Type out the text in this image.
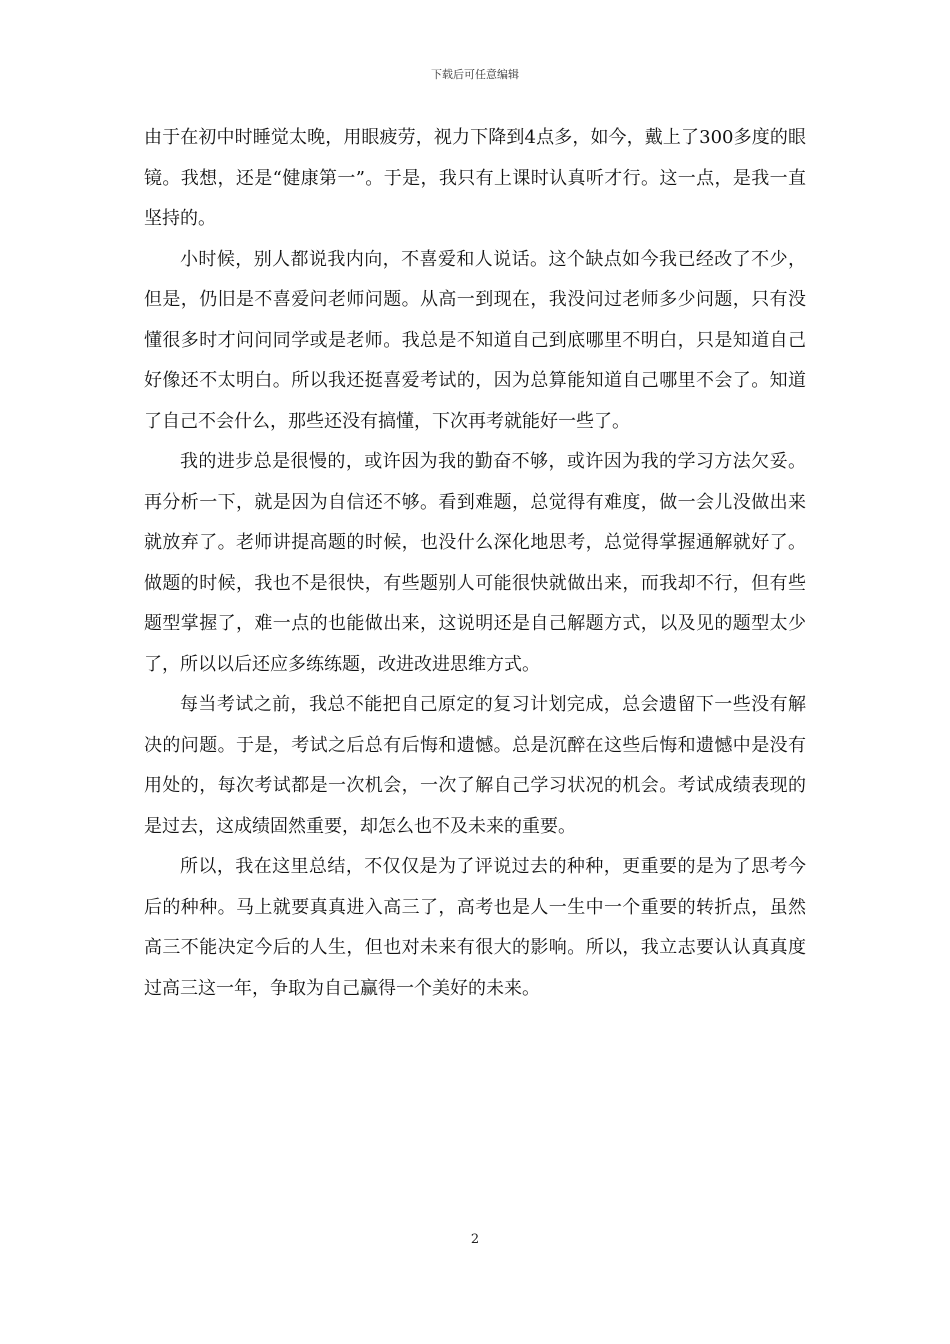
下载后可任意编辑

由于在初中时睡觉太晚，用眼疲劳，视力下降到4点多，如今，戴上了300多度的眼镜。我想，还是“健康第一”。于是，我只有上课时认真听才行。这一点，是我一直坚持的。

小时候，别人都说我内向，不喜爱和人说话。这个缺点如今我已经改了不少，但是，仍旧是不喜爱问老师问题。从高一到现在，我没问过老师多少问题，只有没懂很多时才问问同学或是老师。我总是不知道自己到底哪里不明白，只是知道自己好像还不太明白。所以我还挺喜爱考试的，因为总算能知道自己哪里不会了。知道了自己不会什么，那些还没有搞懂，下次再考就能好一些了。

我的进步总是很慢的，或许因为我的勤奋不够，或许因为我的学习方法欠妥。再分析一下，就是因为自信还不够。看到难题，总觉得有难度，做一会儿没做出来就放弃了。老师讲提高题的时候，也没什么深化地思考，总觉得掌握通解就好了。做题的时候，我也不是很快，有些题别人可能很快就做出来，而我却不行，但有些题型掌握了，难一点的也能做出来，这说明还是自己解题方式，以及见的题型太少了，所以以后还应多练练题，改进改进思维方式。

每当考试之前，我总不能把自己原定的复习计划完成，总会遗留下一些没有解决的问题。于是，考试之后总有后悔和遗憾。总是沉醉在这些后悔和遗憾中是没有用处的，每次考试都是一次机会，一次了解自己学习状况的机会。考试成绩表现的是过去，这成绩固然重要，却怎么也不及未来的重要。

所以，我在这里总结，不仅仅是为了评说过去的种种，更重要的是为了思考今后的种种。马上就要真真进入高三了，高考也是人一生中一个重要的转折点，虽然高三不能决定今后的人生，但也对未来有很大的影响。所以，我立志要认认真真度过高三这一年，争取为自己赢得一个美好的未来。

2
